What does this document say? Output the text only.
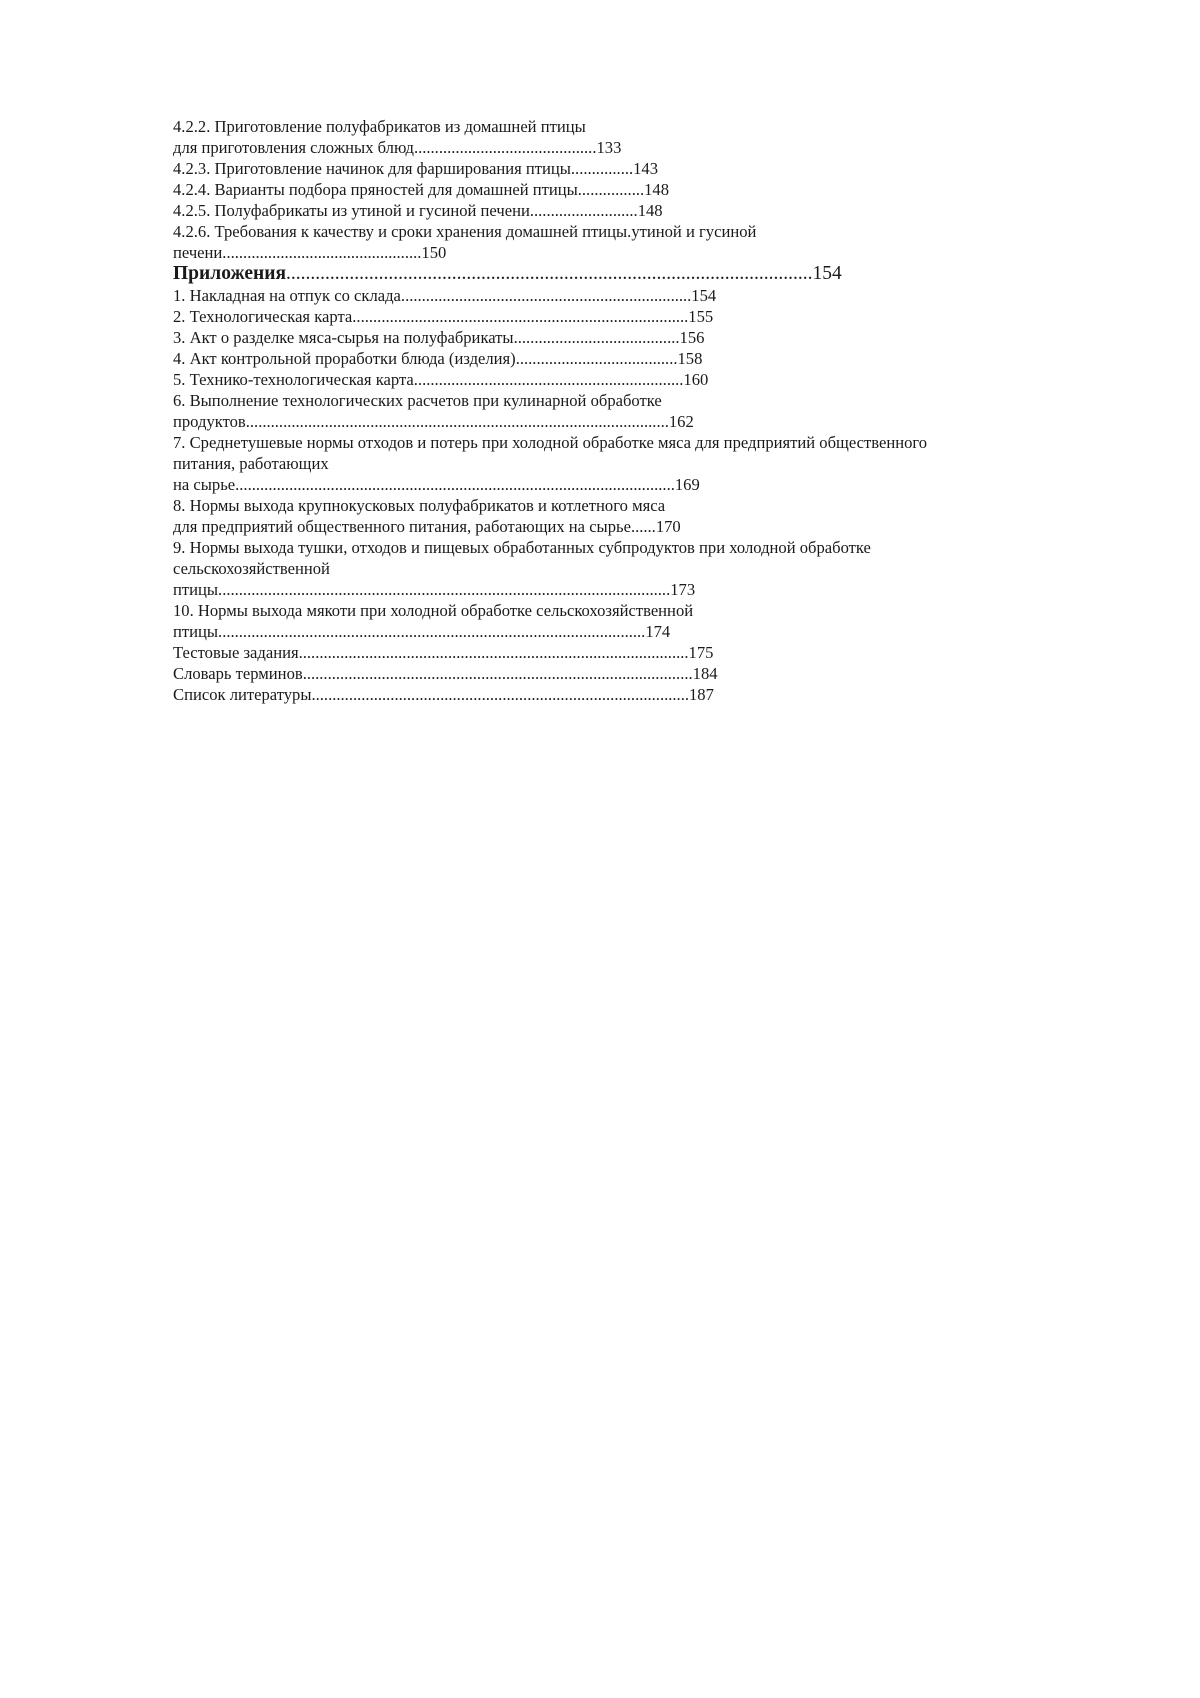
4.2.2. Приготовление полуфабрикатов из домашней птицы

для приготовления сложных блюд............................................133

4.2.3. Приготовление начинок для фарширования птицы...............143

4.2.4. Варианты подбора пряностей для домашней птицы................148

4.2.5. Полуфабрикаты из утиной и гусиной печени..........................148

4.2.6. Требования к качеству и сроки хранения домашней птицы.утиной и гусиной

печени................................................150

Приложения............................................................................................................154

1. Накладная на отпук со склада......................................................................154

2. Технологическая карта.................................................................................155

3. Акт о разделке мяса-сырья на полуфабрикаты........................................156

4. Акт контрольной проработки блюда (изделия).......................................158

5. Технико-технологическая карта.................................................................160

6. Выполнение технологических расчетов при кулинарной обработке

продуктов......................................................................................................162

7. Среднетушевые нормы отходов и потерь при холодной обработке мяса для предприятий общественного

питания, работающих

на сырье..........................................................................................................169

8. Нормы выхода крупнокусковых полуфабрикатов и котлетного мяса

для предприятий общественного питания, работающих на сырье......170

9. Нормы выхода тушки, отходов и пищевых обработанных субпродуктов при холодной обработке

сельскохозяйственной

птицы.............................................................................................................173

10. Нормы выхода мякоти при холодной обработке сельскохозяйственной

птицы.......................................................................................................174

Тестовые задания..............................................................................................175

Словарь терминов..............................................................................................184

Список литературы...........................................................................................187
